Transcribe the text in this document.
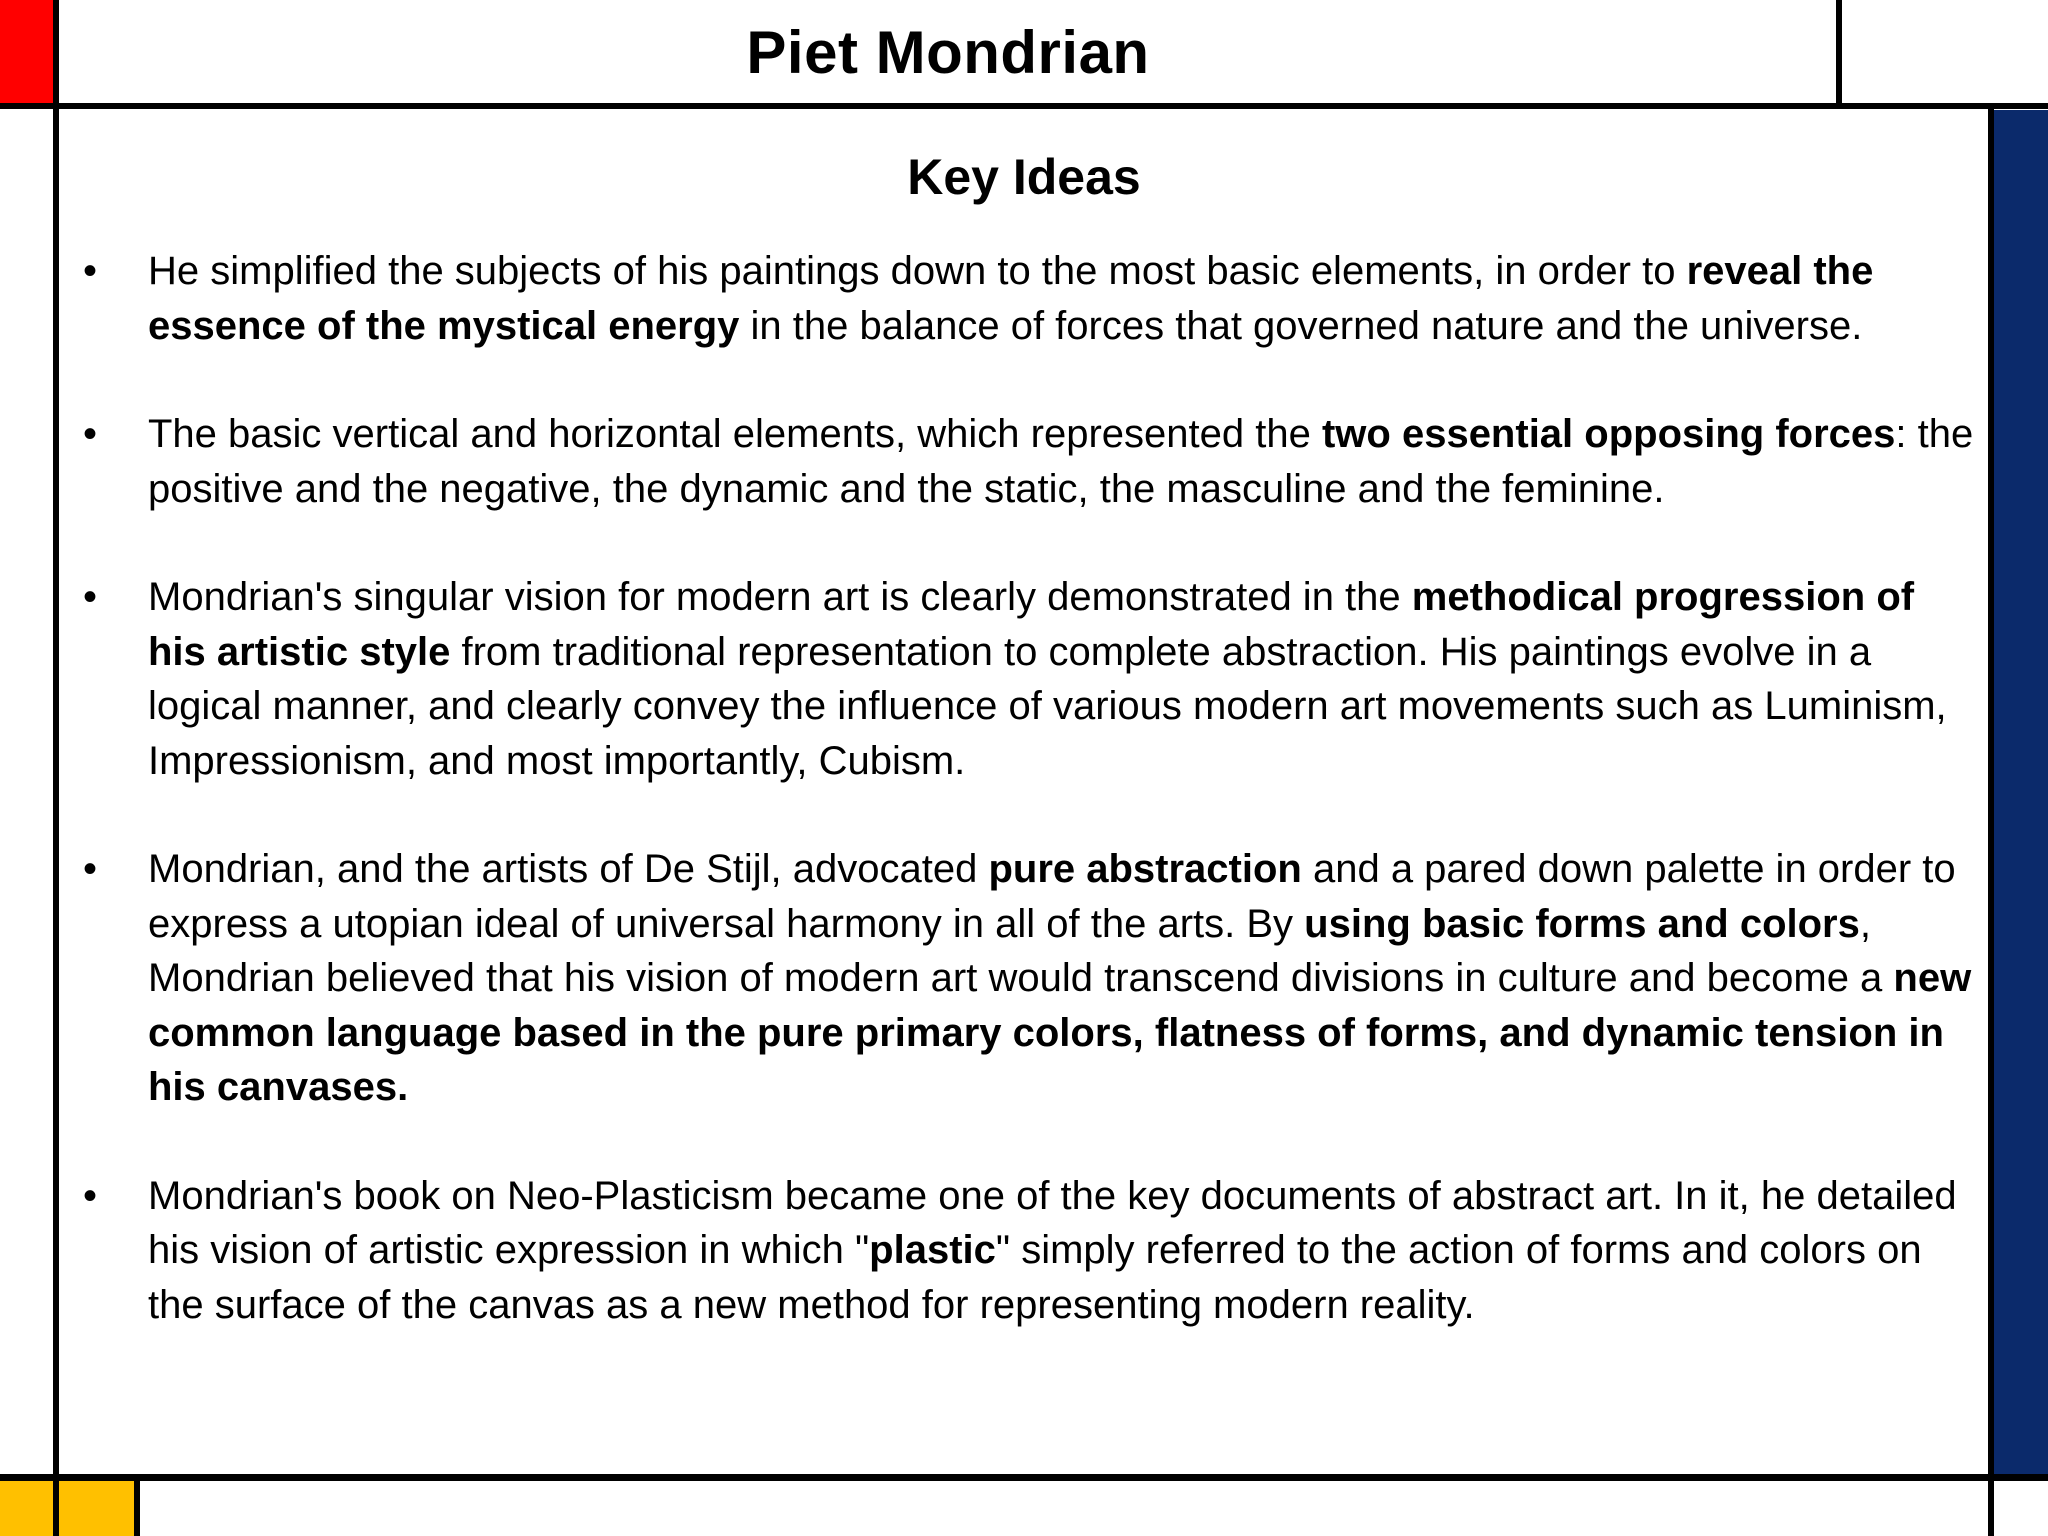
Piet Mondrian
Key Ideas
• He simplified the subjects of his paintings down to the most basic elements, in order to reveal the essence of the mystical energy in the balance of forces that governed nature and the universe.
• The basic vertical and horizontal elements, which represented the two essential opposing forces: the positive and the negative, the dynamic and the static, the masculine and the feminine.
• Mondrian's singular vision for modern art is clearly demonstrated in the methodical progression of his artistic style from traditional representation to complete abstraction. His paintings evolve in a logical manner, and clearly convey the influence of various modern art movements such as Luminism, Impressionism, and most importantly, Cubism.
• Mondrian, and the artists of De Stijl, advocated pure abstraction and a pared down palette in order to express a utopian ideal of universal harmony in all of the arts. By using basic forms and colors, Mondrian believed that his vision of modern art would transcend divisions in culture and become a new common language based in the pure primary colors, flatness of forms, and dynamic tension in his canvases.
• Mondrian's book on Neo-Plasticism became one of the key documents of abstract art. In it, he detailed his vision of artistic expression in which "plastic" simply referred to the action of forms and colors on the surface of the canvas as a new method for representing modern reality.
